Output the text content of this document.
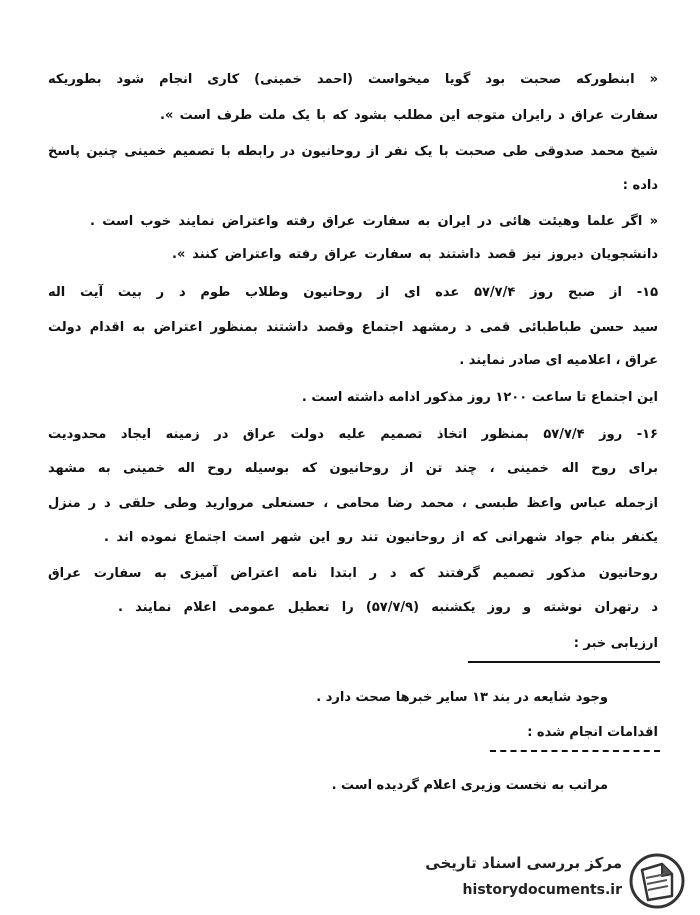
« ابنطورکه صحبت بود گویا میخواست (احمد خمینی) کاری انجام شود بطوریکه
سفارت عراق د رایران متوجه این مطلب بشود که با یک ملت طرف است ».
شیخ محمد صدوقی طی صحبت با یک نفر از روحانیون در رابطه با تصمیم خمینی چنین پاسخ
داده :
« اگر علما وهیئت هائی در ایران به سفارت عراق رفته واعتراض نمایند خوب است .
دانشجویان دیروز نیز قصد داشتند به سفارت عراق رفته واعتراض کنند ».
۱۵- از صبح روز ۵۷/۷/۴ عده ای از روحانیون وطلاب طوم د ر بیت آیت اله
سید حسن طباطبائی قمی د رمشهد اجتماع وقصد داشتند بمنظور اعتراض به اقدام دولت
عراق ، اعلامیه ای صادر نمایند .
این اجتماع تا ساعت ۱۲۰۰ روز مذکور ادامه داشته است .
۱۶- روز ۵۷/۷/۴ بمنظور اتخاذ تصمیم علیه دولت عراق در زمینه ایجاد محدودیت
برای روح اله خمینی ، چند تن از روحانیون که بوسیله روح اله خمینی به مشهد
ازجمله عباس واعظ طبسی ، محمد رضا محامی ، حسنعلی مروارید وطی حلقی د ر منزل
یکنفر بنام جواد شهرانی که از روحانیون تند رو این شهر است اجتماع نموده اند .
روحانیون مذکور تصمیم گرفتند که د ر ابتدا نامه اعتراض آمیزی به سفارت عراق
د رتهران نوشته و روز یکشنبه (۵۷/۷/۹) را تعطیل عمومی اعلام نمایند .
ارزیابی خبر :
وجود شایعه در بند ۱۳ سایر خبرها صحت دارد .
اقدامات انجام شده :
مراتب به نخست وزیری اعلام گردیده است .
مرکز بررسی اسناد تاریخی
historydocuments.ir
